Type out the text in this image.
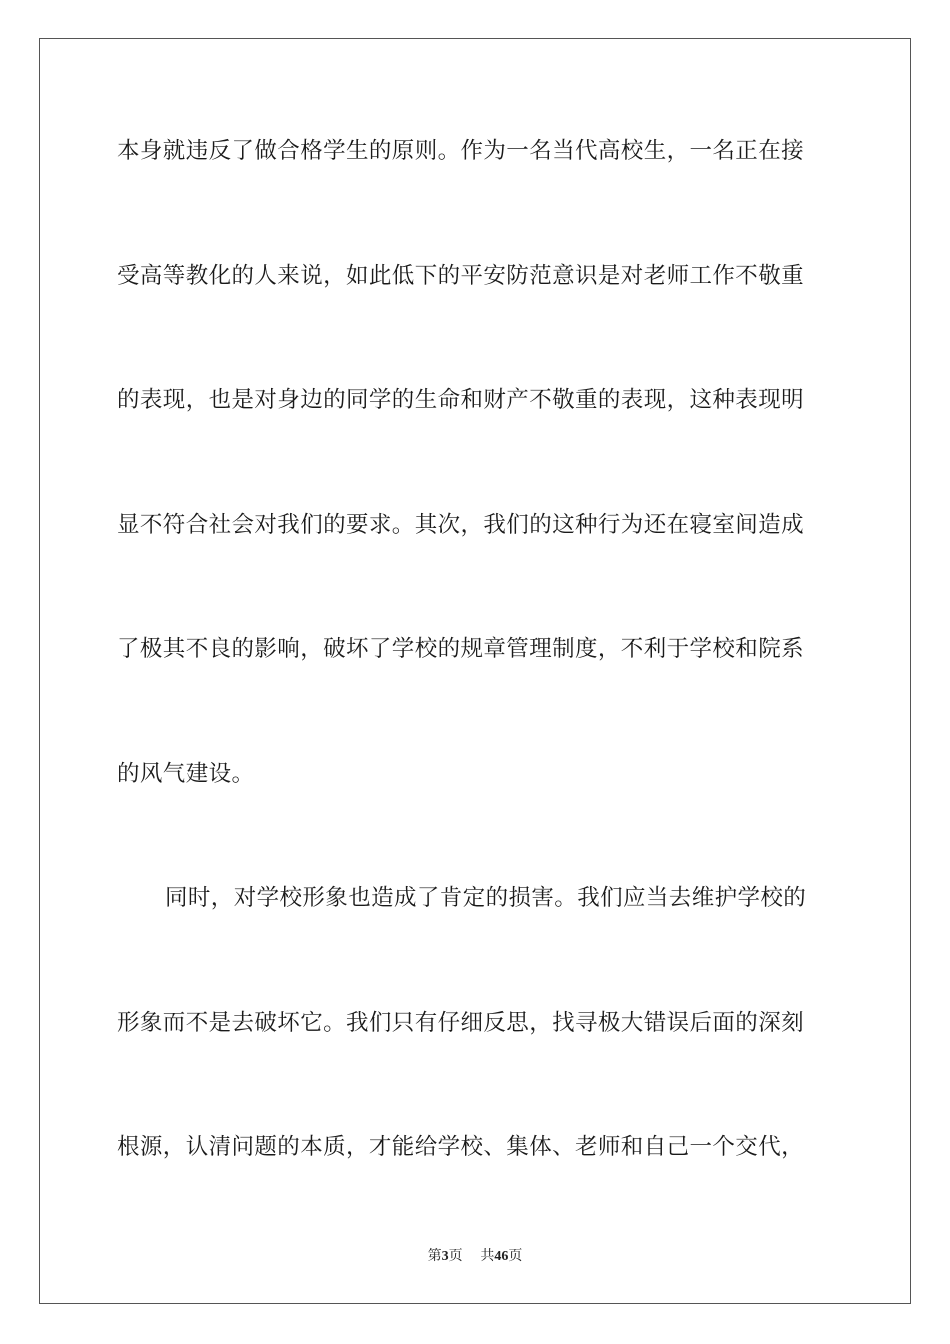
本身就违反了做合格学生的原则。作为一名当代高校生，一名正在接
受高等教化的人来说，如此低下的平安防范意识是对老师工作不敬重
的表现，也是对身边的同学的生命和财产不敬重的表现，这种表现明
显不符合社会对我们的要求。其次，我们的这种行为还在寝室间造成
了极其不良的影响，破坏了学校的规章管理制度，不利于学校和院系
的风气建设。
同时，对学校形象也造成了肯定的损害。我们应当去维护学校的
形象而不是去破坏它。我们只有仔细反思，找寻极大错误后面的深刻
根源，认清问题的本质，才能给学校、集体、老师和自己一个交代，
第3页 共46页
